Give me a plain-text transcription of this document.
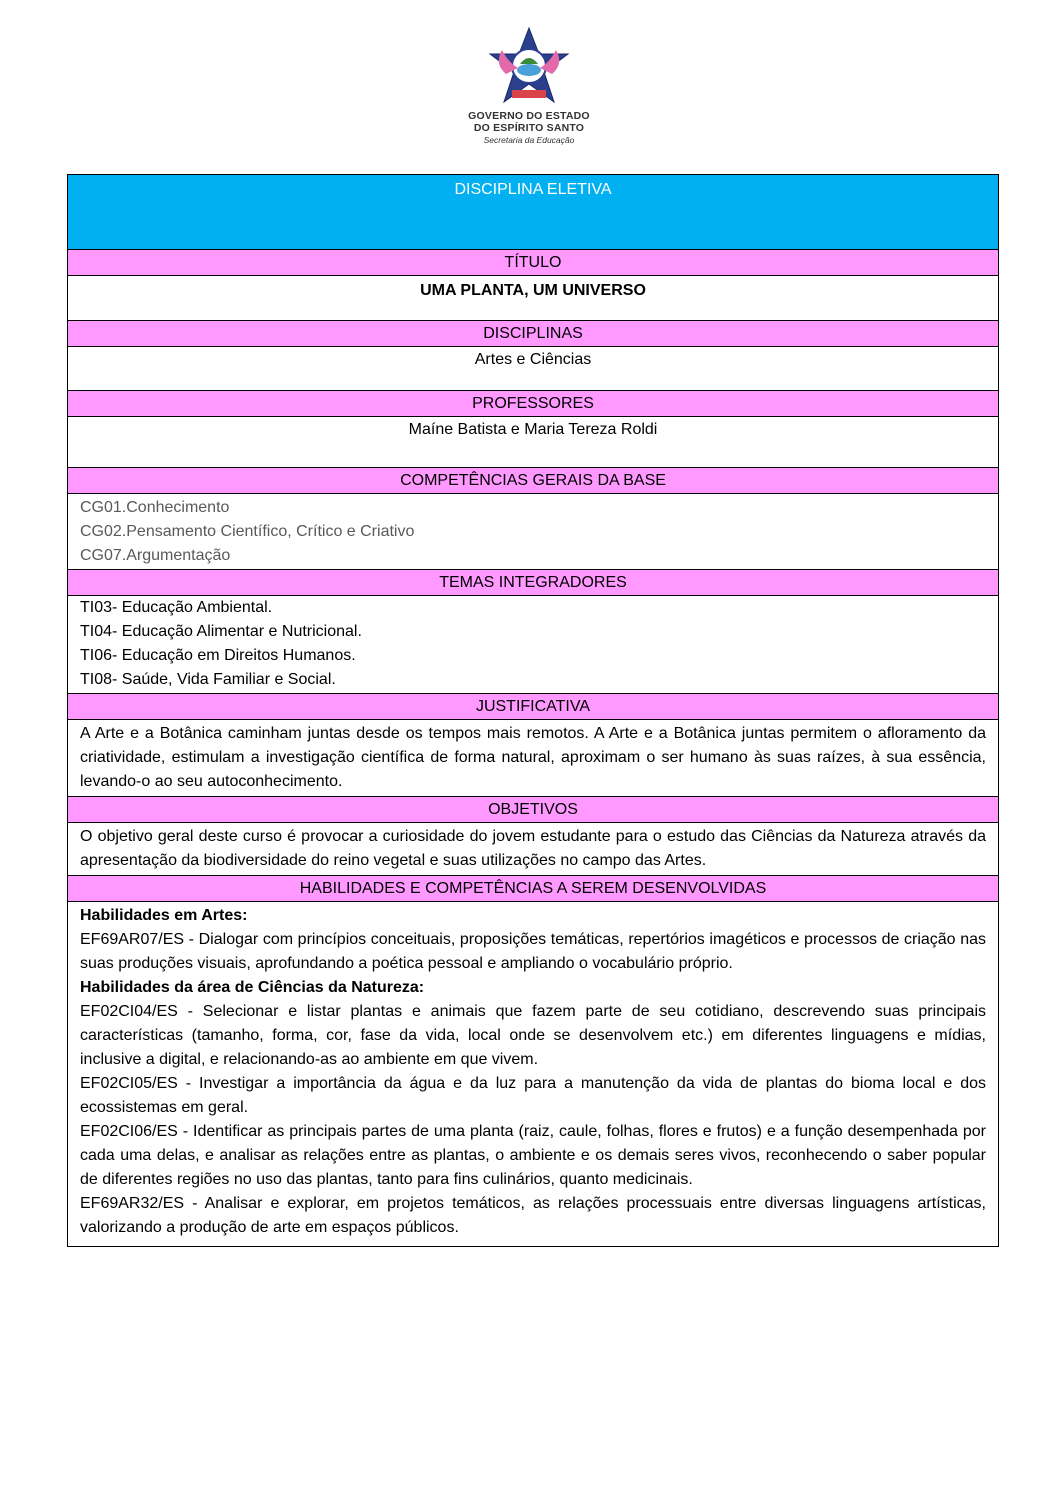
GOVERNO DO ESTADO
DO ESPÍRITO SANTO
Secretaria da Educação
DISCIPLINA ELETIVA
TÍTULO
UMA PLANTA, UM UNIVERSO
DISCIPLINAS
Artes e Ciências
PROFESSORES
Maíne Batista e Maria Tereza Roldi
COMPETÊNCIAS GERAIS DA BASE
CG01.Conhecimento
CG02.Pensamento Científico, Crítico e Criativo
CG07.Argumentação
TEMAS INTEGRADORES
TI03- Educação Ambiental.
TI04- Educação Alimentar e Nutricional.
TI06- Educação em Direitos Humanos.
TI08- Saúde, Vida Familiar e Social.
JUSTIFICATIVA
A Arte e a Botânica caminham juntas desde os tempos mais remotos. A Arte e a Botânica juntas permitem o afloramento da criatividade, estimulam a investigação científica de forma natural, aproximam o ser humano às suas raízes, à sua essência, levando-o ao seu autoconhecimento.
OBJETIVOS
O objetivo geral deste curso é provocar a curiosidade do jovem estudante para o estudo das Ciências da Natureza através da apresentação da biodiversidade do reino vegetal e suas utilizações no campo das Artes.
HABILIDADES E COMPETÊNCIAS A SEREM DESENVOLVIDAS
Habilidades em Artes:
EF69AR07/ES - Dialogar com princípios conceituais, proposições temáticas, repertórios imagéticos e processos de criação nas suas produções visuais, aprofundando a poética pessoal e ampliando o vocabulário próprio.
Habilidades da área de Ciências da Natureza:
EF02CI04/ES - Selecionar e listar plantas e animais que fazem parte de seu cotidiano, descrevendo suas principais características (tamanho, forma, cor, fase da vida, local onde se desenvolvem etc.) em diferentes linguagens e mídias, inclusive a digital, e relacionando-as ao ambiente em que vivem.
EF02CI05/ES - Investigar a importância da água e da luz para a manutenção da vida de plantas do bioma local e dos ecossistemas em geral.
EF02CI06/ES - Identificar as principais partes de uma planta (raiz, caule, folhas, flores e frutos) e a função desempenhada por cada uma delas, e analisar as relações entre as plantas, o ambiente e os demais seres vivos, reconhecendo o saber popular de diferentes regiões no uso das plantas, tanto para fins culinários, quanto medicinais.
EF69AR32/ES - Analisar e explorar, em projetos temáticos, as relações processuais entre diversas linguagens artísticas, valorizando a produção de arte em espaços públicos.
